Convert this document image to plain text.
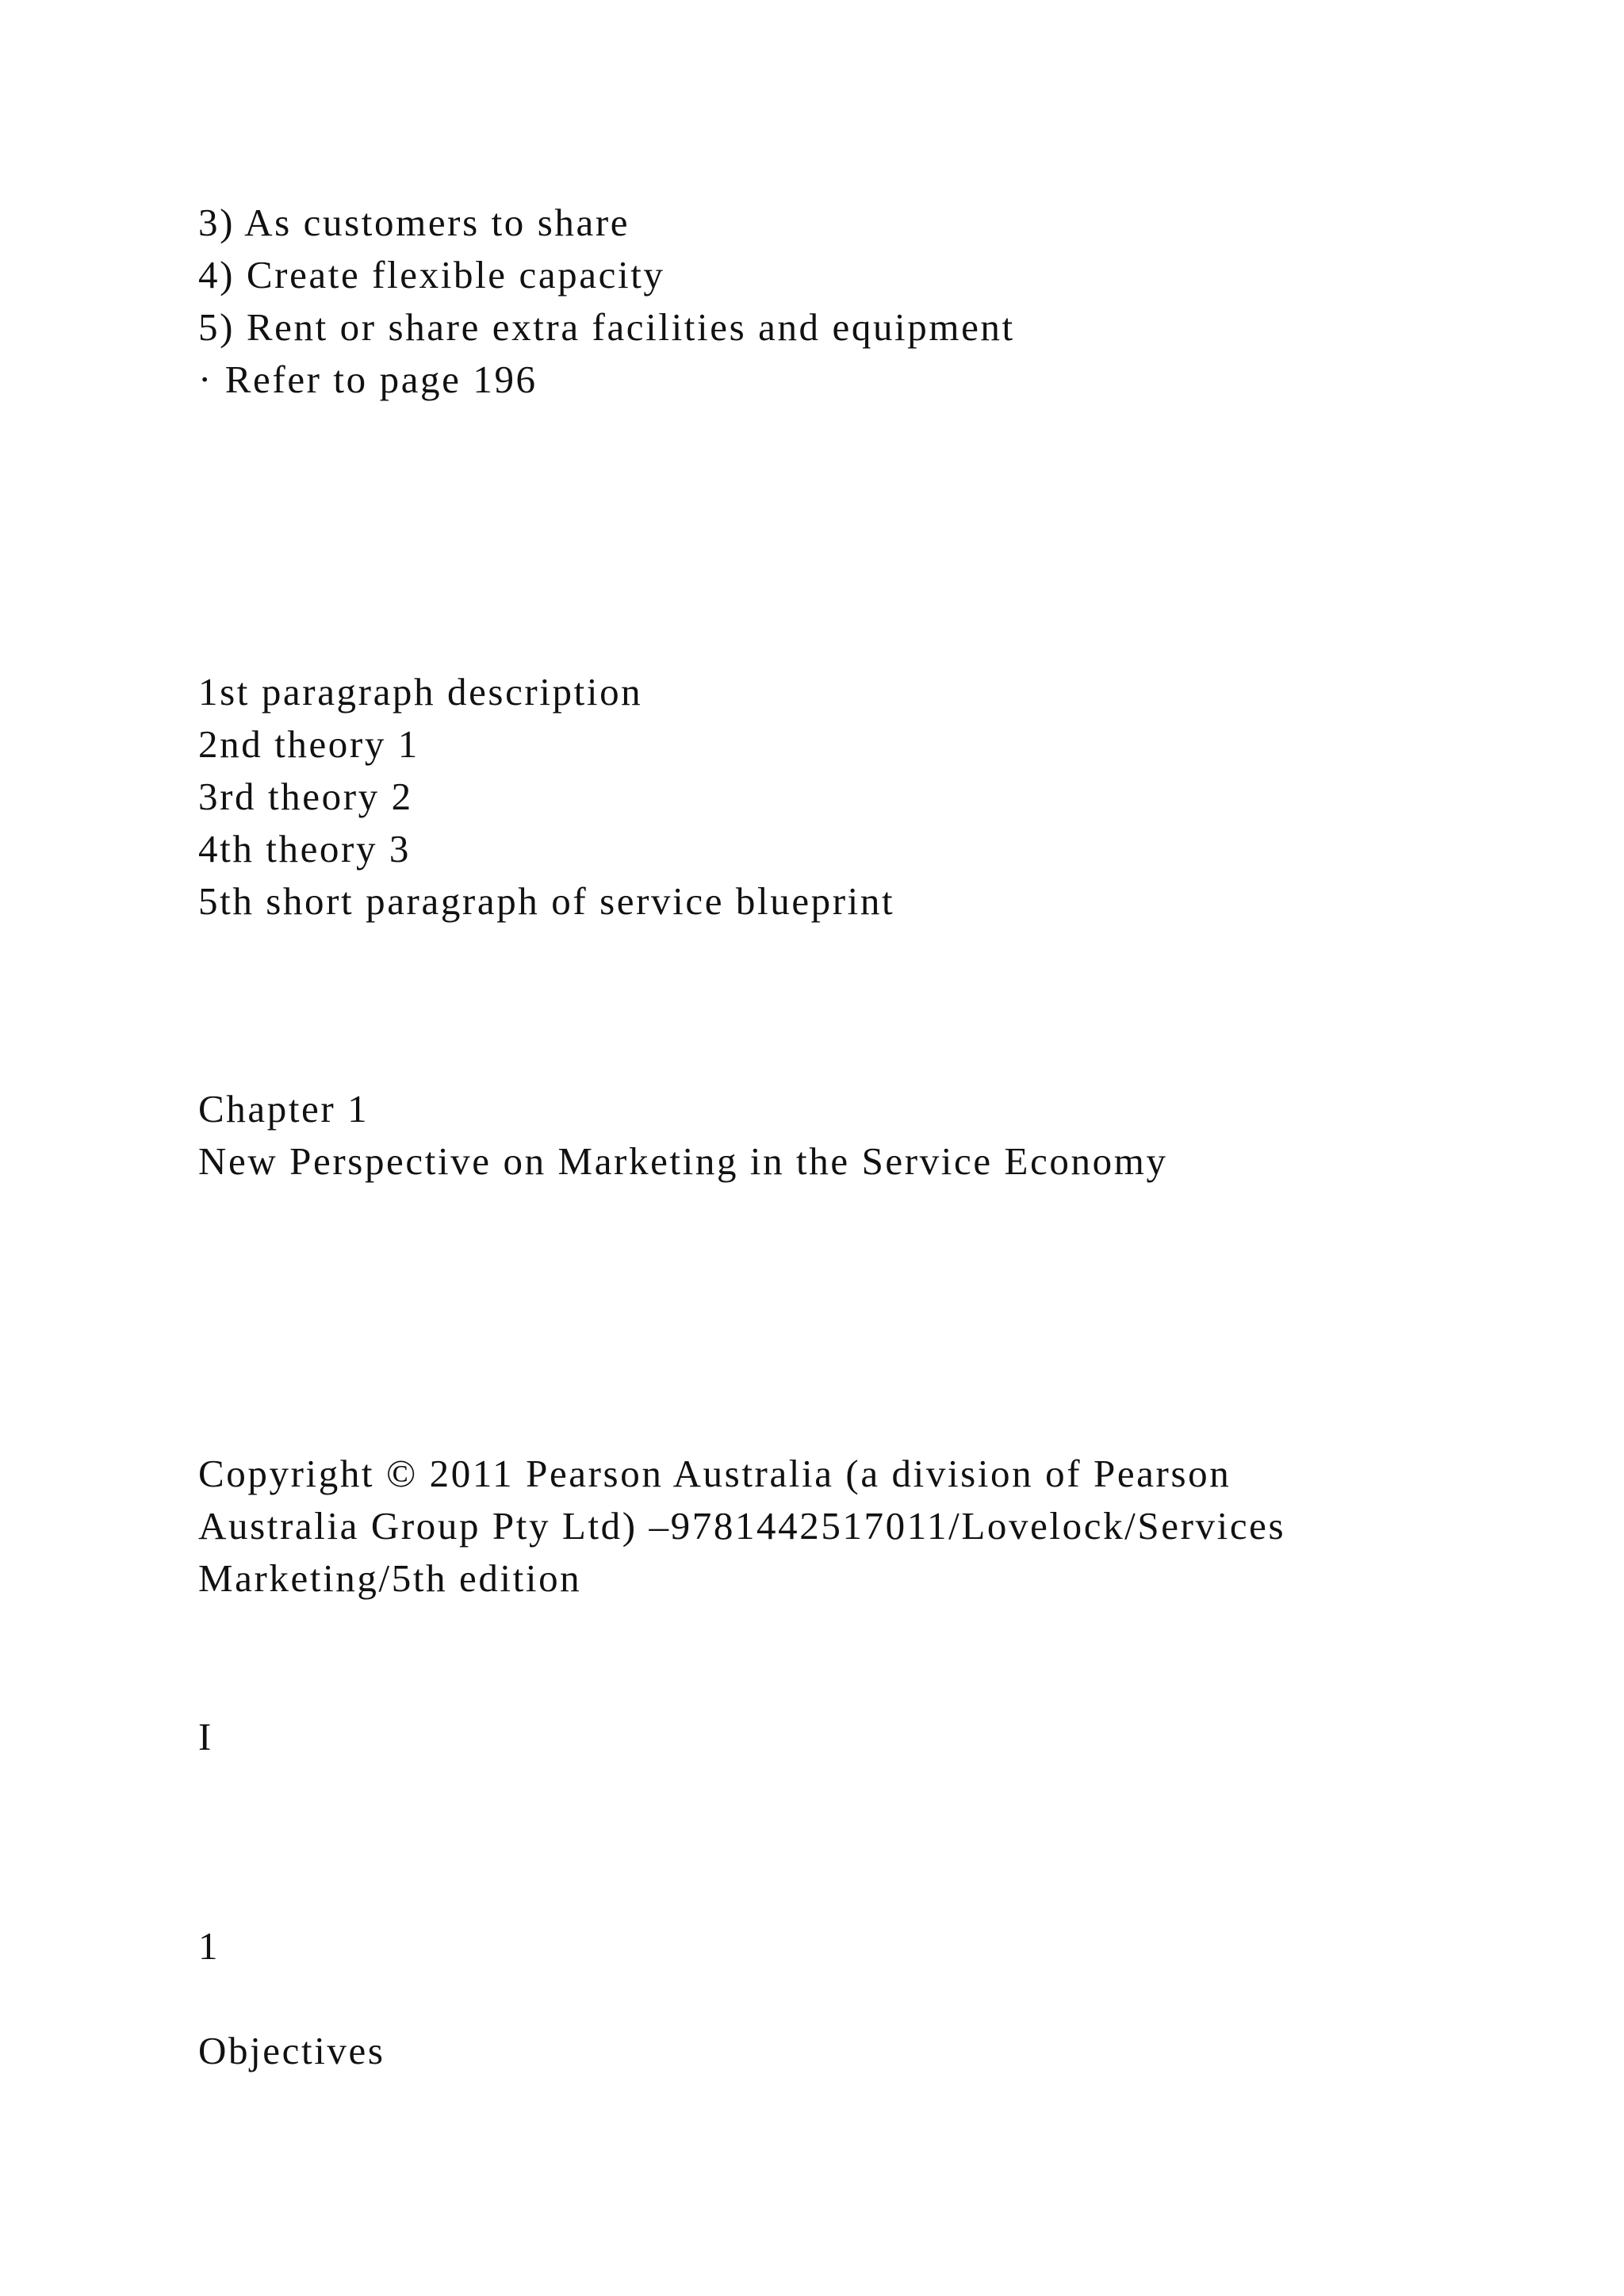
3) As customers to share

4) Create flexible capacity

5) Rent or share extra facilities and equipment

· Refer to page 196

1st paragraph description

2nd theory 1

3rd theory 2

4th theory 3

5th short paragraph of service blueprint

Chapter 1

New Perspective on Marketing in the Service Economy

Copyright © 2011 Pearson Australia (a division of Pearson

Australia Group Pty Ltd) –9781442517011/Lovelock/Services

Marketing/5th edition

I

1

Objectives
